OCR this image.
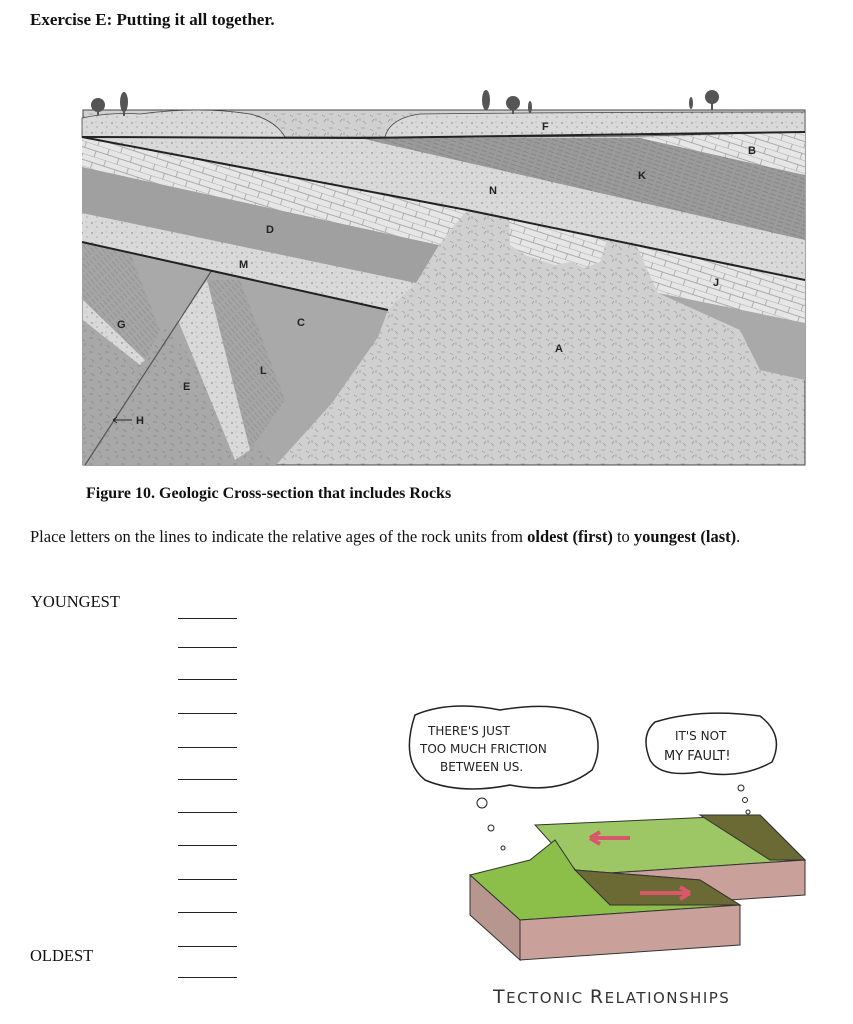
Exercise E: Putting it all together.
F
B
K
N
D
M
J
C
G
A
L
E
H
Figure 10. Geologic Cross-section that includes Rocks
Place letters on the lines to indicate the relative ages of the rock units from oldest (first) to youngest (last).
YOUNGEST
OLDEST
THERE'S JUST
TOO MUCH FRICTION
BETWEEN US.
IT'S NOT
MY FAULT!
TECTONIC RELATIONSHIPS
